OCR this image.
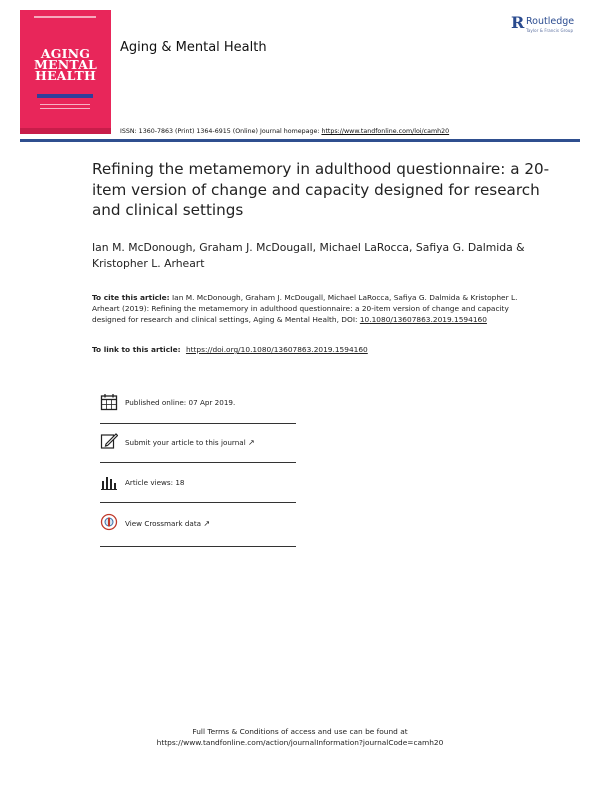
AGING
MENTAL
HEALTH
Aging & Mental Health
R Routledge
Taylor & Francis Group
ISSN: 1360-7863 (Print) 1364-6915 (Online) Journal homepage: https://www.tandfonline.com/loi/camh20
Refining the metamemory in adulthood questionnaire: a 20-item version of change and capacity designed for research and clinical settings
Ian M. McDonough, Graham J. McDougall, Michael LaRocca, Safiya G. Dalmida & Kristopher L. Arheart
To cite this article: Ian M. McDonough, Graham J. McDougall, Michael LaRocca, Safiya G. Dalmida & Kristopher L. Arheart (2019): Refining the metamemory in adulthood questionnaire: a 20-item version of change and capacity designed for research and clinical settings, Aging & Mental Health, DOI: 10.1080/13607863.2019.1594160
To link to this article: https://doi.org/10.1080/13607863.2019.1594160
Published online: 07 Apr 2019.
Submit your article to this journal ↗
Article views: 18
View Crossmark data ↗
Full Terms & Conditions of access and use can be found at
https://www.tandfonline.com/action/journalInformation?journalCode=camh20
